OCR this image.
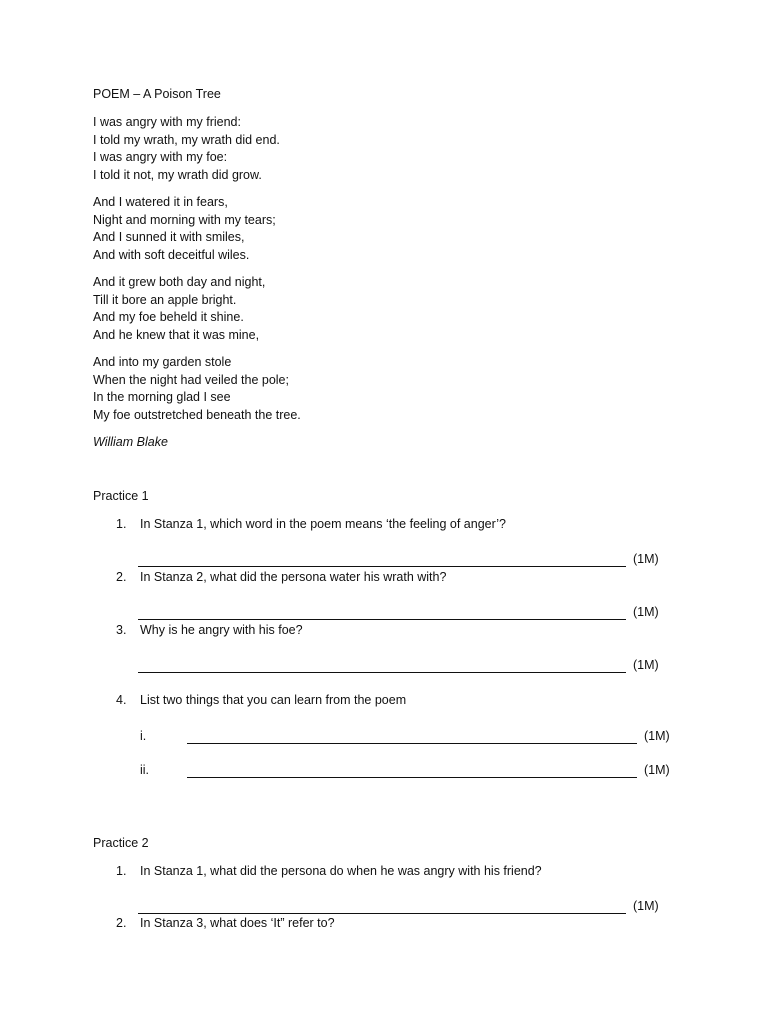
POEM – A Poison Tree
I was angry with my friend:
I told my wrath, my wrath did end.
I was angry with my foe:
I told it not, my wrath did grow.
And I watered it in fears,
Night and morning with my tears;
And I sunned it with smiles,
And with soft deceitful wiles.
And it grew both day and night,
Till it bore an apple bright.
And my foe beheld it shine.
And he knew that it was mine,
And into my garden stole
When the night had veiled the pole;
In the morning glad I see
My foe outstretched beneath the tree.
William Blake
Practice 1
1. In Stanza 1, which word in the poem means ‘the feeling of anger’?
(1M)
2. In Stanza 2, what did the persona water his wrath with?
(1M)
3. Why is he angry with his foe?
(1M)
4. List two things that you can learn from the poem
i.	(1M)
ii.	(1M)
Practice 2
1. In Stanza 1, what did the persona do when he was angry with his friend?
(1M)
2. In Stanza 3, what does ‘It” refer to?
